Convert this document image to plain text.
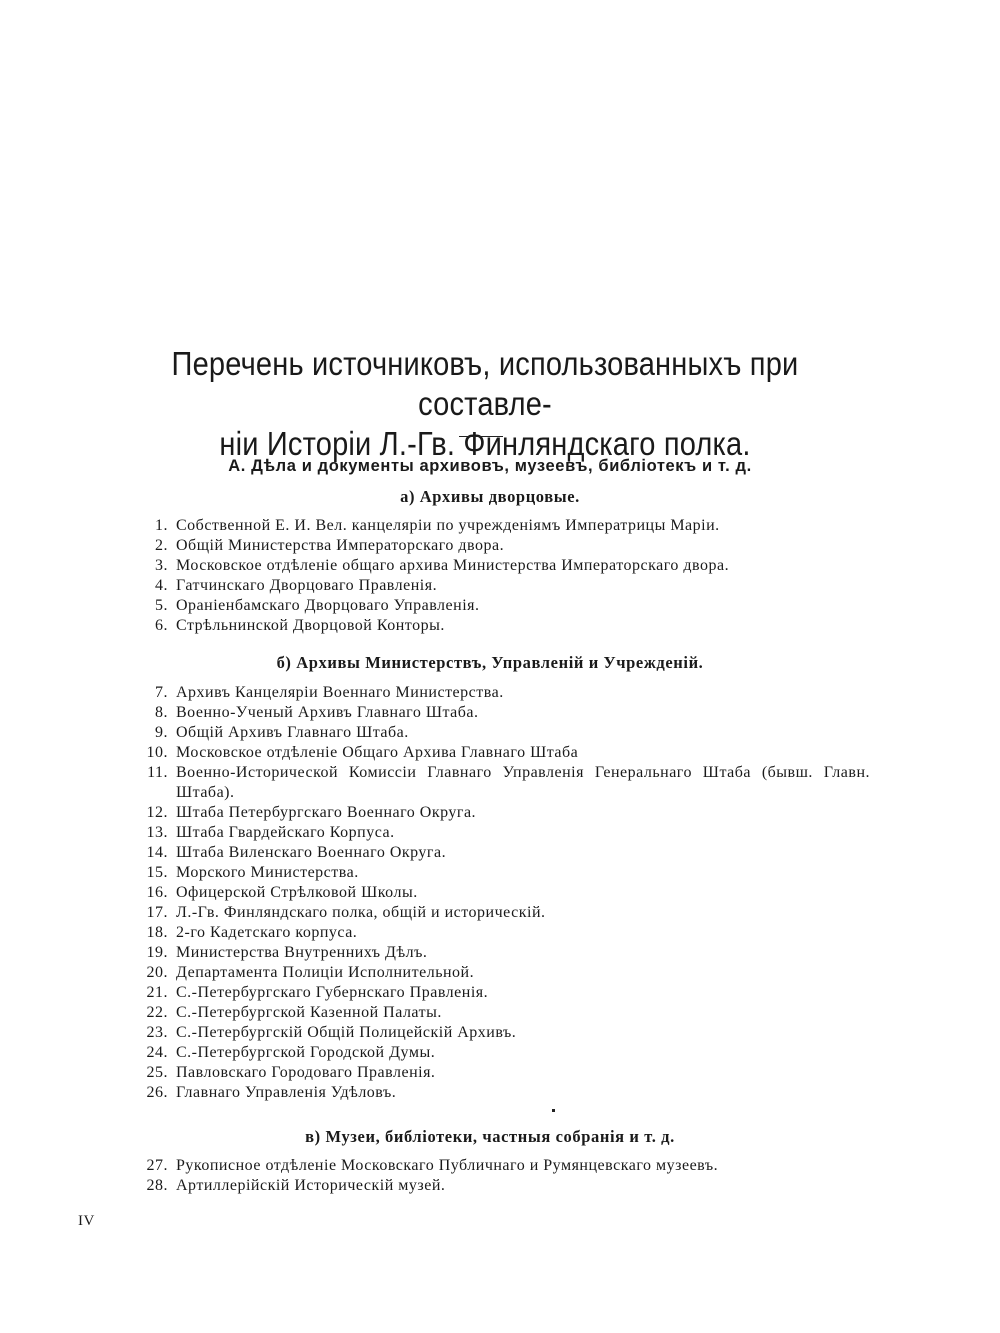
Перечень источниковъ, использованныхъ при составле-
ніи Исторіи Л.-Гв. Финляндскаго полка.
А. Дѣла и документы архивовъ, музеевъ, библіотекъ и т. д.
а) Архивы дворцовые.
1. Собственной Е. И. Вел. канцеляріи по учрежденіямъ Императрицы Маріи.
2. Общій Министерства Императорскаго двора.
3. Московское отдѣленіе общаго архива Министерства Императорскаго двора.
4. Гатчинскаго Дворцоваго Правленія.
5. Ораніенбамскаго Дворцоваго Управленія.
6. Стрѣльнинской Дворцовой Конторы.
б) Архивы Министерствъ, Управленій и Учрежденій.
7. Архивъ Канцеляріи Военнаго Министерства.
8. Военно-Ученый Архивъ Главнаго Штаба.
9. Общій Архивъ Главнаго Штаба.
10. Московское отдѣленіе Общаго Архива Главнаго Штаба
11. Военно-Исторической Комиссіи Главнаго Управленія Генеральнаго Штаба (бывш. Главн. Штаба).
12. Штаба Петербургскаго Военнаго Округа.
13. Штаба Гвардейскаго Корпуса.
14. Штаба Виленскаго Военнаго Округа.
15. Морского Министерства.
16. Офицерской Стрѣлковой Школы.
17. Л.-Гв. Финляндскаго полка, общій и историческій.
18. 2-го Кадетскаго корпуса.
19. Министерства Внутреннихъ Дѣлъ.
20. Департамента Полиціи Исполнительной.
21. С.-Петербургскаго Губернскаго Правленія.
22. С.-Петербургской Казенной Палаты.
23. С.-Петербургскій Общій Полицейскій Архивъ.
24. С.-Петербургской Городской Думы.
25. Павловскаго Городоваго Правленія.
26. Главнаго Управленія Удѣловъ.
в) Музеи, библіотеки, частныя собранія и т. д.
27. Рукописное отдѣленіе Московскаго Публичнаго и Румянцевскаго музеевъ.
28. Артиллерійскій Историческій музей.
IV
